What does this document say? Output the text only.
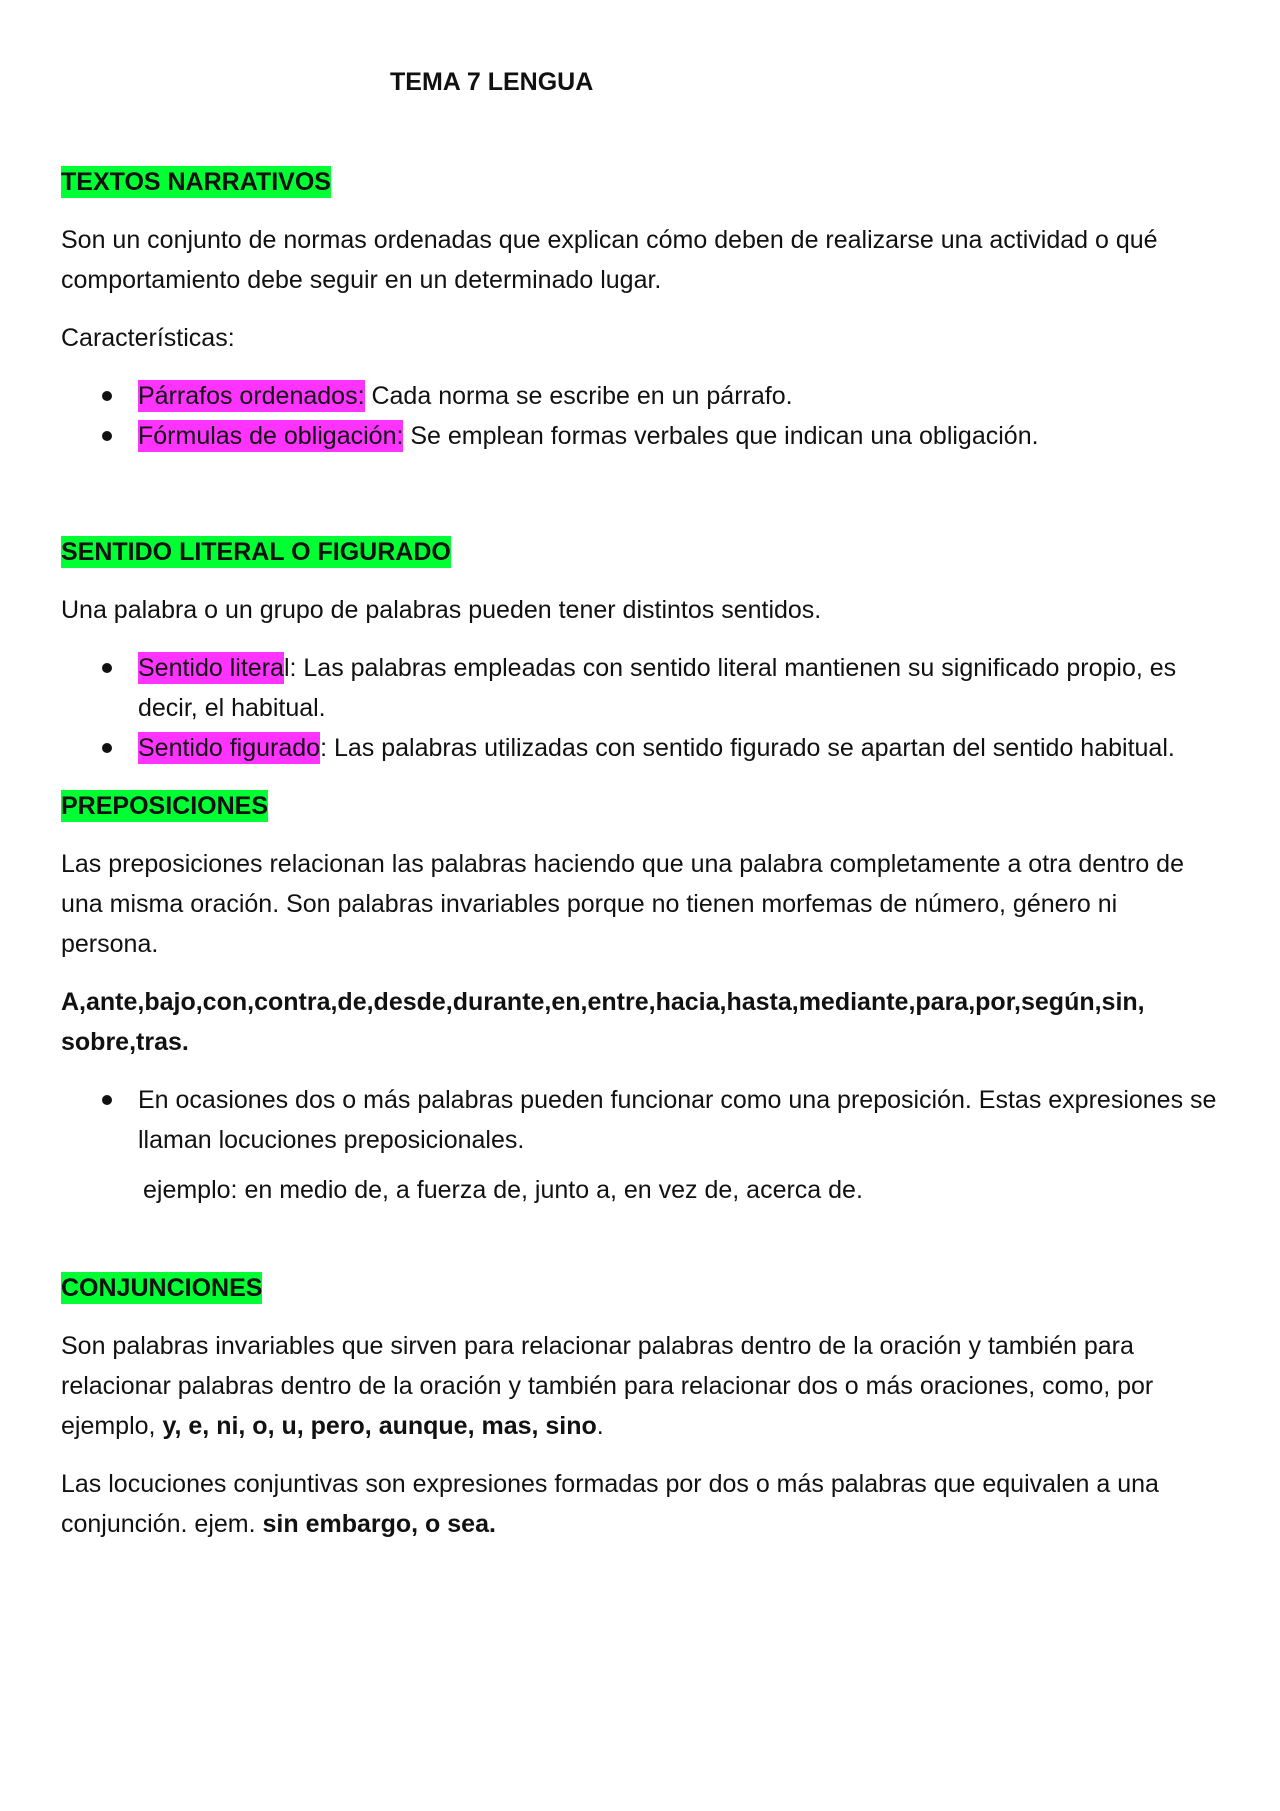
TEMA 7 LENGUA
TEXTOS NARRATIVOS

Son un conjunto de normas ordenadas que explican cómo deben de realizarse una actividad o qué comportamiento debe seguir en un determinado lugar.

Características:

Párrafos ordenados: Cada norma se escribe en un párrafo.
Fórmulas de obligación: Se emplean formas verbales que indican una obligación.
SENTIDO LITERAL O FIGURADO

Una palabra o un grupo de palabras pueden tener distintos sentidos.

Sentido literal: Las palabras empleadas con sentido literal mantienen su significado propio, es decir, el habitual.
Sentido figurado: Las palabras utilizadas con sentido figurado se apartan del sentido habitual.
PREPOSICIONES

Las preposiciones relacionan las palabras haciendo que una palabra completamente a otra dentro de una misma oración. Son palabras invariables porque no tienen morfemas de número, género ni persona.

A,ante,bajo,con,contra,de,desde,durante,en,entre,hacia,hasta,mediante,para,por,según,sin, sobre,tras.

En ocasiones dos o más palabras pueden funcionar como una preposición. Estas expresiones se llaman locuciones preposicionales.

ejemplo: en medio de, a fuerza de, junto a, en vez de, acerca de.

CONJUNCIONES

Son palabras invariables que sirven para relacionar palabras dentro de la oración y también para relacionar palabras dentro de la oración y también para relacionar dos o más oraciones, como, por ejemplo, y, e, ni, o, u, pero, aunque, mas, sino.

Las locuciones conjuntivas son expresiones formadas por dos o más palabras que equivalen a una conjunción. ejem. sin embargo, o sea.
